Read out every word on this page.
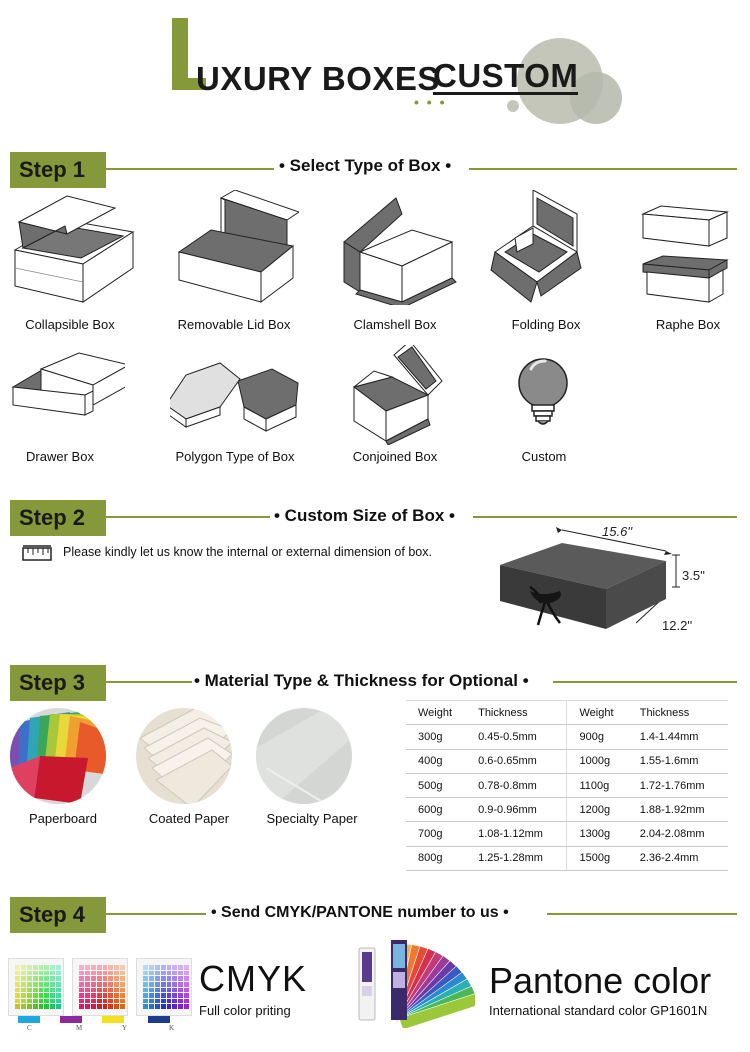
UXURY BOXES
CUSTOM
• • •
Step 1	• Select Type of Box •
Collapsible Box	Removable Lid Box	Clamshell Box	Folding Box	Raphe Box
Drawer Box	Polygon Type of Box	Conjoined Box	Custom
Step 2	• Custom Size of Box •
Please kindly let us know the internal or external dimension of box.
15.6''
3.5''
12.2''
Step 3	• Material Type & Thickness for Optional •
Paperboard	Coated Paper	Specialty Paper
Weight	Thickness	Weight	Thickness
300g	0.45-0.5mm	900g	1.4-1.44mm
400g	0.6-0.65mm	1000g	1.55-1.6mm
500g	0.78-0.8mm	1100g	1.72-1.76mm
600g	0.9-0.96mm	1200g	1.88-1.92mm
700g	1.08-1.12mm	1300g	2.04-2.08mm
800g	1.25-1.28mm	1500g	2.36-2.4mm
Step 4	• Send CMYK/PANTONE number to us •
C	M	Y	K
CMYK
Full color priting
Pantone color
International standard color GP1601N
